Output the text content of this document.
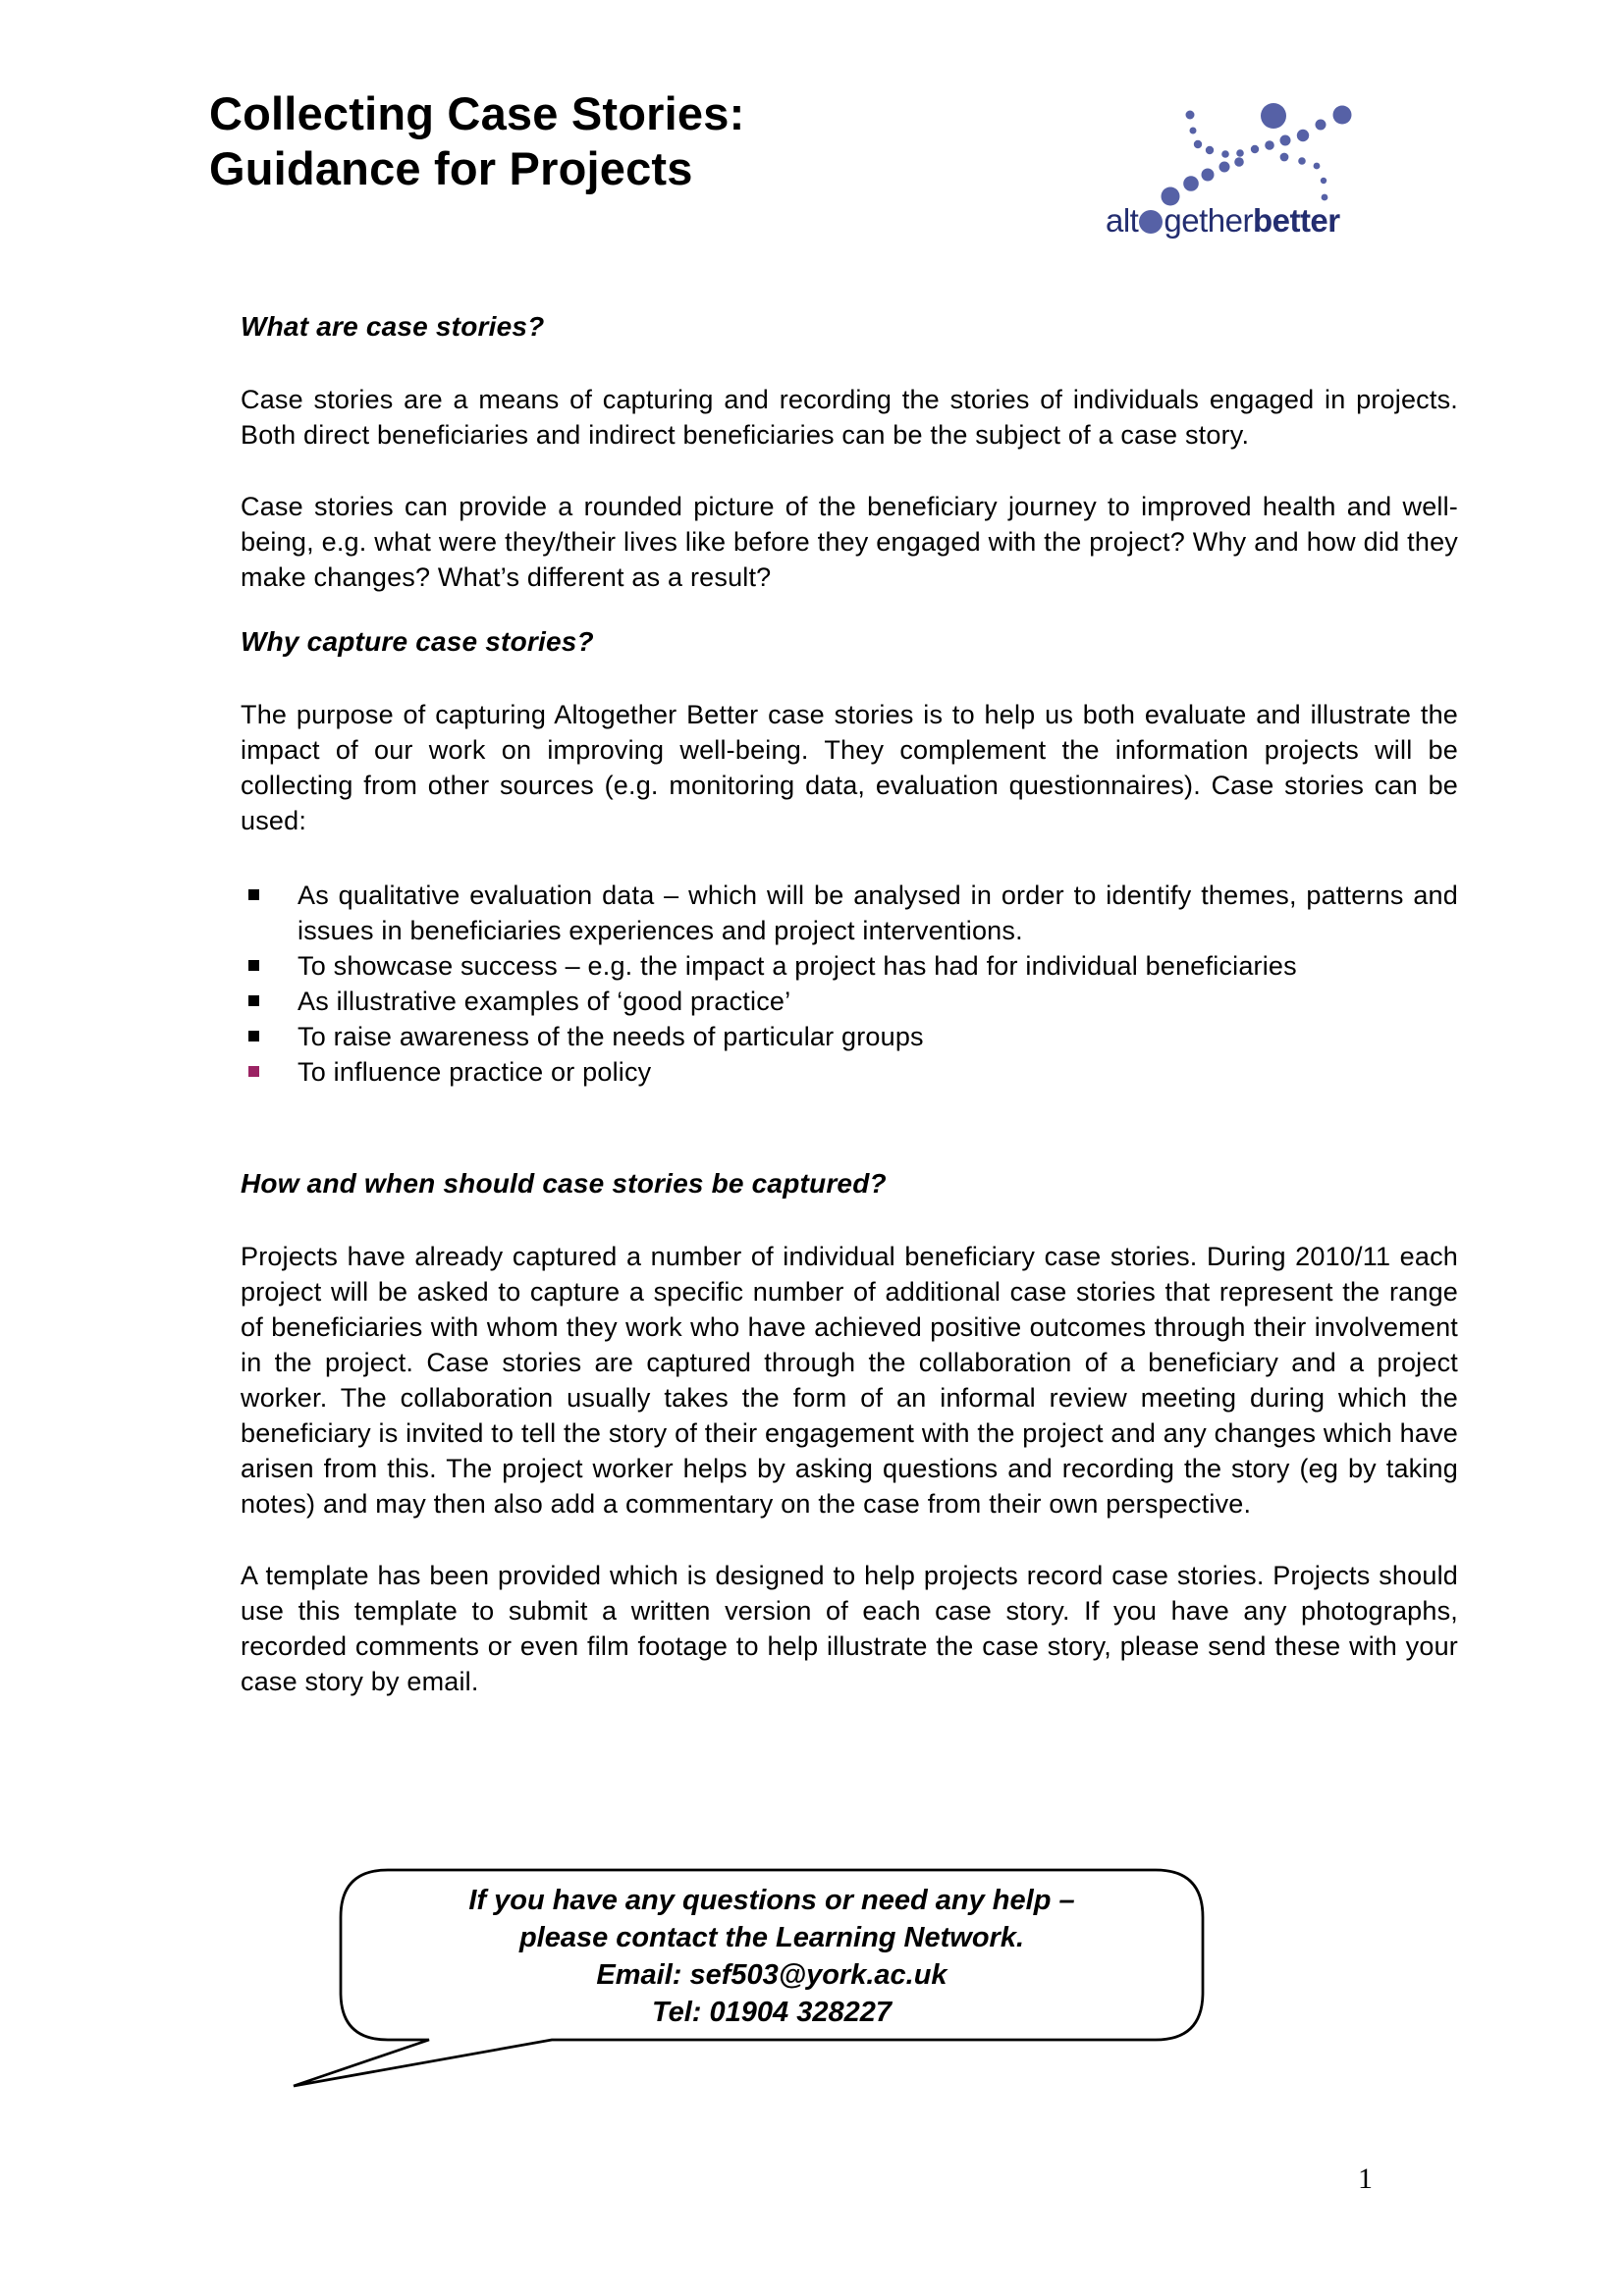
Collecting Case Stories:
Guidance for Projects
alt getherbetter
What are case stories?

Case stories are a means of capturing and recording the stories of individuals engaged in projects. Both direct beneficiaries and indirect beneficiaries can be the subject of a case story.

Case stories can provide a rounded picture of the beneficiary journey to improved health and well-being, e.g. what were they/their lives like before they engaged with the project? Why and how did they make changes? What’s different as a result?

Why capture case stories?

The purpose of capturing Altogether Better case stories is to help us both evaluate and illustrate the impact of our work on improving well-being. They complement the information projects will be collecting from other sources (e.g. monitoring data, evaluation questionnaires). Case stories can be used:

As qualitative evaluation data – which will be analysed in order to identify themes, patterns and issues in beneficiaries experiences and project interventions.
To showcase success – e.g. the impact a project has had for individual beneficiaries
As illustrative examples of ‘good practice’
To raise awareness of the needs of particular groups
To influence practice or policy
How and when should case stories be captured?

Projects have already captured a number of individual beneficiary case stories. During 2010/11 each project will be asked to capture a specific number of additional case stories that represent the range of beneficiaries with whom they work who have achieved positive outcomes through their involvement in the project. Case stories are captured through the collaboration of a beneficiary and a project worker. The collaboration usually takes the form of an informal review meeting during which the beneficiary is invited to tell the story of their engagement with the project and any changes which have arisen from this. The project worker helps by asking questions and recording the story (eg by taking notes) and may then also add a commentary on the case from their own perspective.

A template has been provided which is designed to help projects record case stories. Projects should use this template to submit a written version of each case story. If you have any photographs, recorded comments or even film footage to help illustrate the case story, please send these with your case story by email.

If you have any questions or need any help –
please contact the Learning Network.
Email: sef503@york.ac.uk
Tel: 01904 328227
1
